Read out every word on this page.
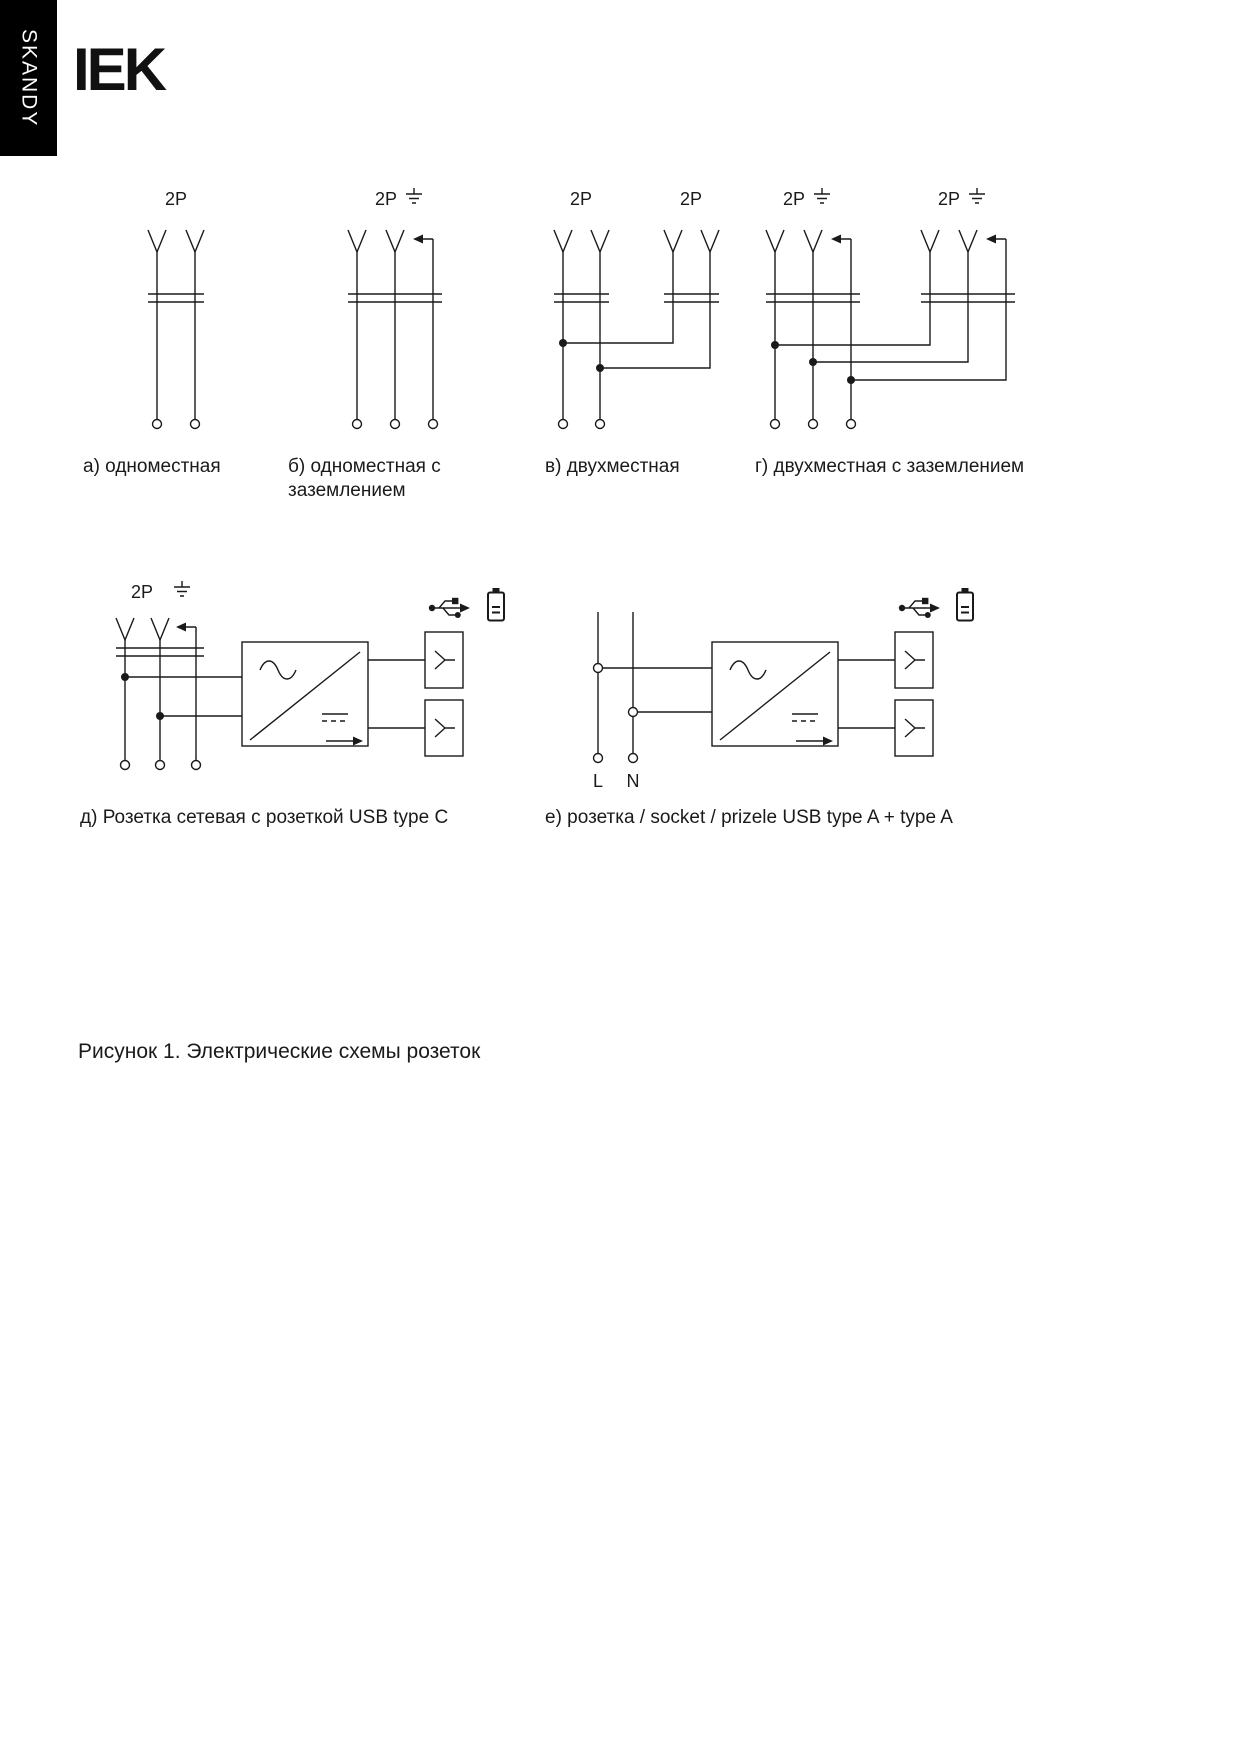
SKANDY IEK
2P	2P	2P	2P	2P	2P
2P
L N
а) одноместная	б) одноместная с заземлением
в) двухместная	г) двухместная с заземлением
д) Розетка сетевая с розеткой USB type C	е) розетка / socket / prizele USB type A + type A
Рисунок 1. Электрические схемы розеток
